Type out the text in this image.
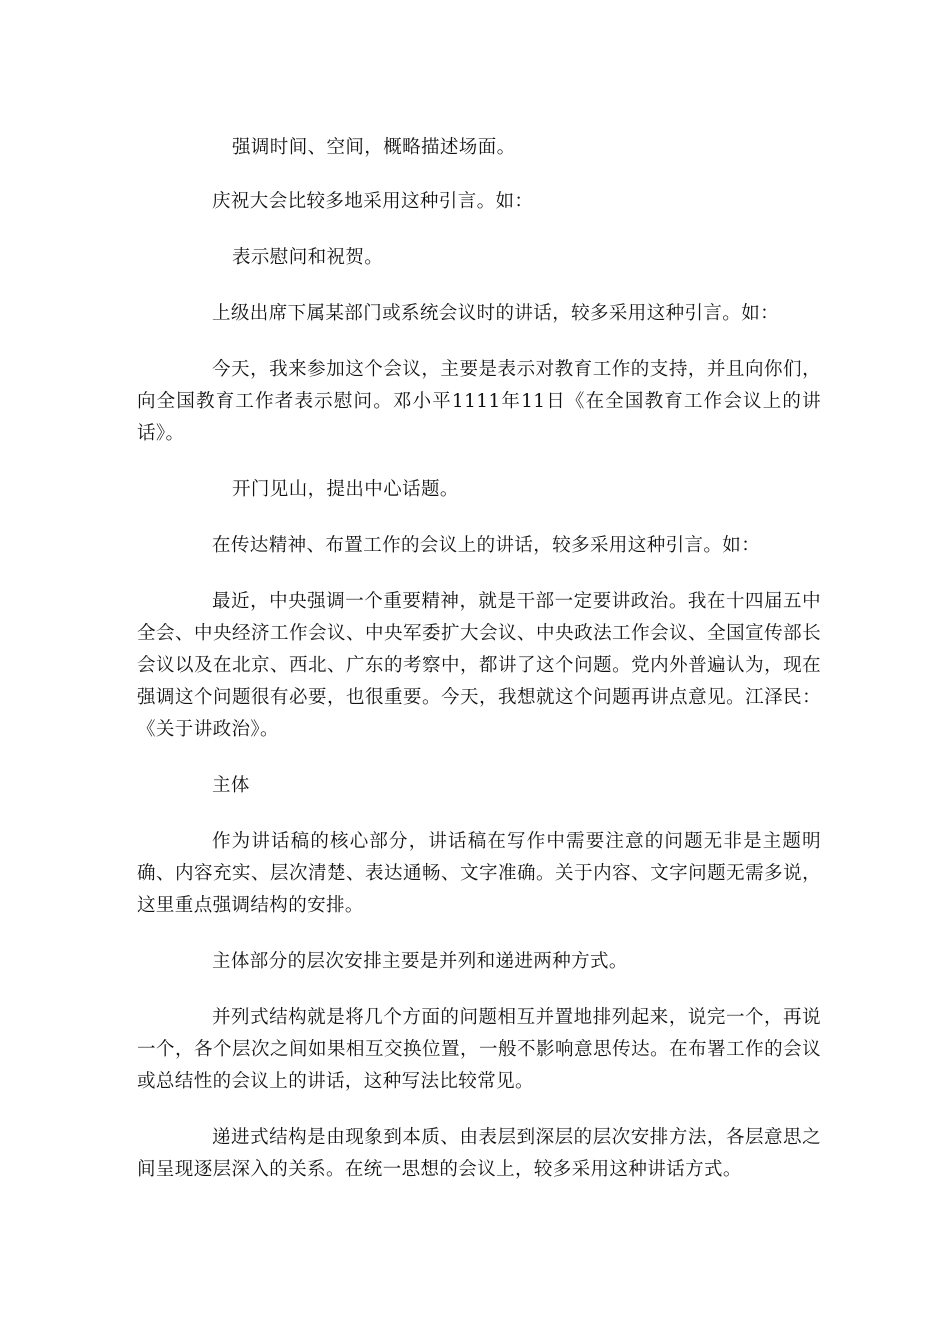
强调时间、空间，概略描述场面。

庆祝大会比较多地采用这种引言。如：

表示慰问和祝贺。

上级出席下属某部门或系统会议时的讲话，较多采用这种引言。如：

今天，我来参加这个会议，主要是表示对教育工作的支持，并且向你们，向全国教育工作者表示慰问。邓小平1111年11日《在全国教育工作会议上的讲话》。

开门见山，提出中心话题。

在传达精神、布置工作的会议上的讲话，较多采用这种引言。如：

最近，中央强调一个重要精神，就是干部一定要讲政治。我在十四届五中全会、中央经济工作会议、中央军委扩大会议、中央政法工作会议、全国宣传部长会议以及在北京、西北、广东的考察中，都讲了这个问题。党内外普遍认为，现在强调这个问题很有必要，也很重要。今天，我想就这个问题再讲点意见。江泽民：《关于讲政治》。

主体

作为讲话稿的核心部分，讲话稿在写作中需要注意的问题无非是主题明确、内容充实、层次清楚、表达通畅、文字准确。关于内容、文字问题无需多说，这里重点强调结构的安排。

主体部分的层次安排主要是并列和递进两种方式。

并列式结构就是将几个方面的问题相互并置地排列起来，说完一个，再说一个，各个层次之间如果相互交换位置，一般不影响意思传达。在布署工作的会议或总结性的会议上的讲话，这种写法比较常见。

递进式结构是由现象到本质、由表层到深层的层次安排方法，各层意思之间呈现逐层深入的关系。在统一思想的会议上，较多采用这种讲话方式。
